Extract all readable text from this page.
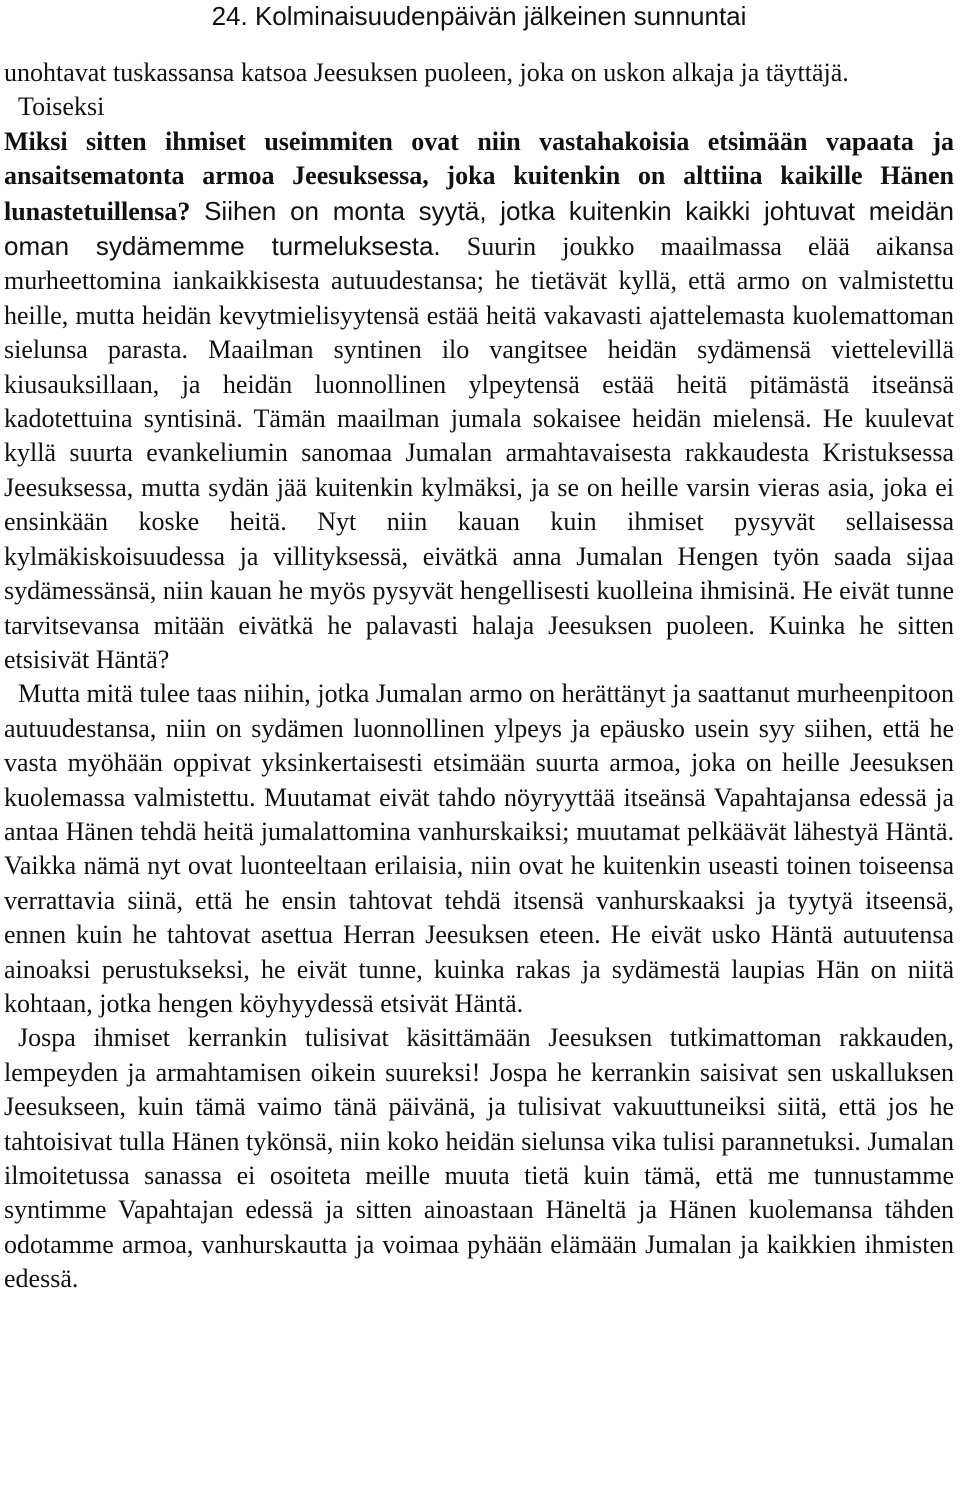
24. Kolminaisuudenpäivän jälkeinen sunnuntai

unohtavat tuskassansa katsoa Jeesuksen puoleen, joka on uskon alkaja ja täyttäjä.

Toiseksi

Miksi sitten ihmiset useimmiten ovat niin vastahakoisia etsimään vapaata ja ansaitsematonta armoa Jeesuksessa, joka kuitenkin on alttiina kaikille Hänen lunastetuillensa? Siihen on monta syytä, jotka kuitenkin kaikki johtuvat meidän oman sydämemme turmeluksesta. Suurin joukko maailmassa elää aikansa murheettomina iankaikkisesta autuudestansa; he tietävät kyllä, että armo on valmistettu heille, mutta heidän kevytmielisyytensä estää heitä vakavasti ajattelemasta kuolemattoman sielunsa parasta. Maailman syntinen ilo vangitsee heidän sydämensä viettelevillä kiusauksillaan, ja heidän luonnollinen ylpeytensä estää heitä pitämästä itseänsä kadotettuina syntisinä. Tämän maailman jumala sokaisee heidän mielensä. He kuulevat kyllä suurta evankeliumin sanomaa Jumalan armahtavaisesta rakkaudesta Kristuksessa Jeesuksessa, mutta sydän jää kuitenkin kylmäksi, ja se on heille varsin vieras asia, joka ei ensinkään koske heitä. Nyt niin kauan kuin ihmiset pysyvät sellaisessa kylmäkiskoisuudessa ja villityksessä, eivätkä anna Jumalan Hengen työn saada sijaa sydämessänsä, niin kauan he myös pysyvät hengellisesti kuolleina ihmisinä. He eivät tunne tarvitsevansa mitään eivätkä he palavasti halaja Jeesuksen puoleen. Kuinka he sitten etsisivät Häntä?

Mutta mitä tulee taas niihin, jotka Jumalan armo on herättänyt ja saattanut murheenpitoon autuudestansa, niin on sydämen luonnollinen ylpeys ja epäusko usein syy siihen, että he vasta myöhään oppivat yksinkertaisesti etsimään suurta armoa, joka on heille Jeesuksen kuolemassa valmistettu. Muutamat eivät tahdo nöyryyttää itseänsä Vapahtajansa edessä ja antaa Hänen tehdä heitä jumalattomina vanhurskaiksi; muutamat pelkäävät lähestyä Häntä. Vaikka nämä nyt ovat luonteeltaan erilaisia, niin ovat he kuitenkin useasti toinen toiseensa verrattavia siinä, että he ensin tahtovat tehdä itsensä vanhurskaaksi ja tyytyä itseensä, ennen kuin he tahtovat asettua Herran Jeesuksen eteen. He eivät usko Häntä autuutensa ainoaksi perustukseksi, he eivät tunne, kuinka rakas ja sydämestä laupias Hän on niitä kohtaan, jotka hengen köyhyydessä etsivät Häntä.

Jospa ihmiset kerrankin tulisivat käsittämään Jeesuksen tutkimattoman rakkauden, lempeyden ja armahtamisen oikein suureksi! Jospa he kerrankin saisivat sen uskalluksen Jeesukseen, kuin tämä vaimo tänä päivänä, ja tulisivat vakuuttuneiksi siitä, että jos he tahtoisivat tulla Hänen tykönsä, niin koko heidän sielunsa vika tulisi parannetuksi. Jumalan ilmoitetussa sanassa ei osoiteta meille muuta tietä kuin tämä, että me tunnustamme syntimme Vapahtajan edessä ja sitten ainoastaan Häneltä ja Hänen kuolemansa tähden odotamme armoa, vanhurskautta ja voimaa pyhään elämään Jumalan ja kaikkien ihmisten edessä.
